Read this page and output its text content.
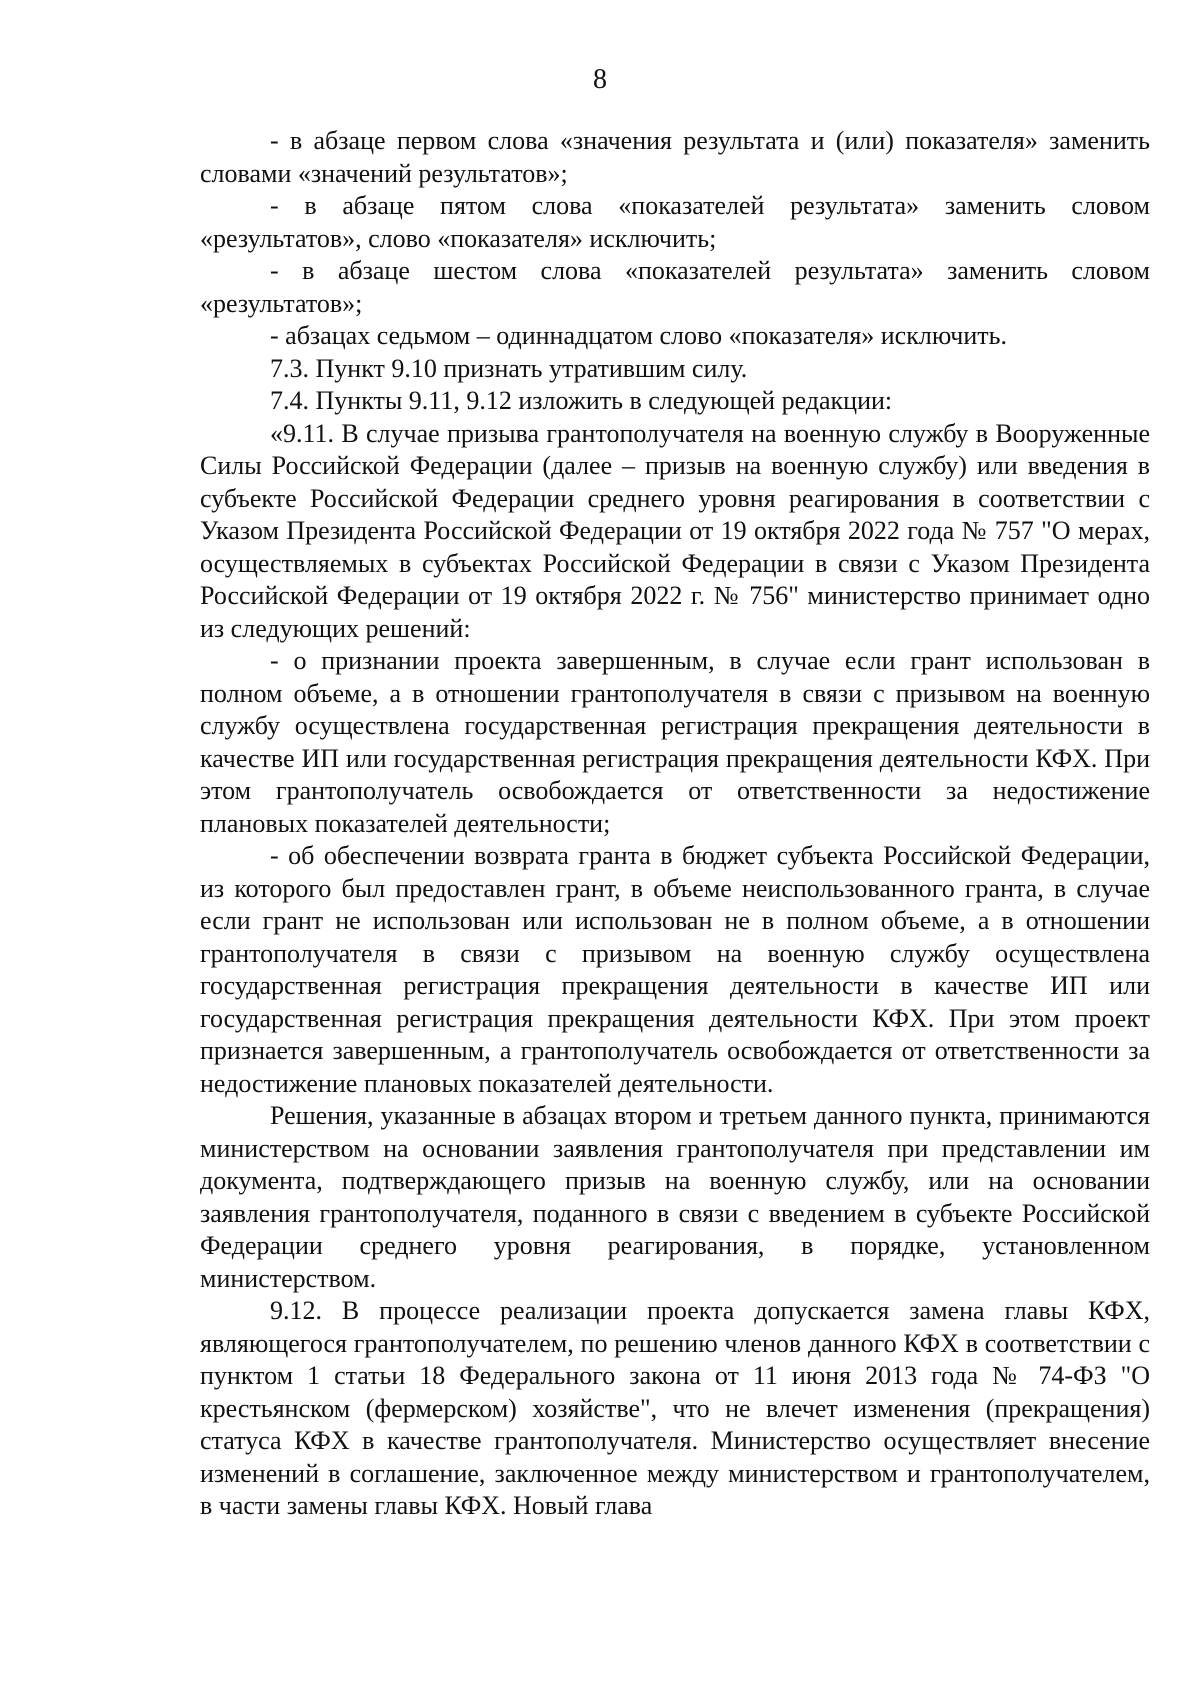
8

- в абзаце первом слова «значения результата и (или) показателя» заменить словами «значений результатов»;

- в абзаце пятом слова «показателей результата» заменить словом «результатов», слово «показателя» исключить;

- в абзаце шестом слова «показателей результата» заменить словом «результатов»;

- абзацах седьмом – одиннадцатом слово «показателя» исключить.

7.3. Пункт 9.10 признать утратившим силу.

7.4. Пункты 9.11, 9.12 изложить в следующей редакции:

«9.11. В случае призыва грантополучателя на военную службу в Вооруженные Силы Российской Федерации (далее – призыв на военную службу) или введения в субъекте Российской Федерации среднего уровня реагирования в соответствии с Указом Президента Российской Федерации от 19 октября 2022 года № 757 "О мерах, осуществляемых в субъектах Российской Федерации в связи с Указом Президента Российской Федерации от 19 октября 2022 г. № 756" министерство принимает одно из следующих решений:

- о признании проекта завершенным, в случае если грант использован в полном объеме, а в отношении грантополучателя в связи с призывом на военную службу осуществлена государственная регистрация прекращения деятельности в качестве ИП или государственная регистрация прекращения деятельности КФХ. При этом грантополучатель освобождается от ответственности за недостижение плановых показателей деятельности;

- об обеспечении возврата гранта в бюджет субъекта Российской Федерации, из которого был предоставлен грант, в объеме неиспользованного гранта, в случае если грант не использован или использован не в полном объеме, а в отношении грантополучателя в связи с призывом на военную службу осуществлена государственная регистрация прекращения деятельности в качестве ИП или государственная регистрация прекращения деятельности КФХ. При этом проект признается завершенным, а грантополучатель освобождается от ответственности за недостижение плановых показателей деятельности.

Решения, указанные в абзацах втором и третьем данного пункта, принимаются министерством на основании заявления грантополучателя при представлении им документа, подтверждающего призыв на военную службу, или на основании заявления грантополучателя, поданного в связи с введением в субъекте Российской Федерации среднего уровня реагирования, в порядке, установленном министерством.

9.12. В процессе реализации проекта допускается замена главы КФХ, являющегося грантополучателем, по решению членов данного КФХ в соответствии с пунктом 1 статьи 18 Федерального закона от 11 июня 2013 года № 74-ФЗ "О крестьянском (фермерском) хозяйстве", что не влечет изменения (прекращения) статуса КФХ в качестве грантополучателя. Министерство осуществляет внесение изменений в соглашение, заключенное между министерством и грантополучателем, в части замены главы КФХ. Новый глава
